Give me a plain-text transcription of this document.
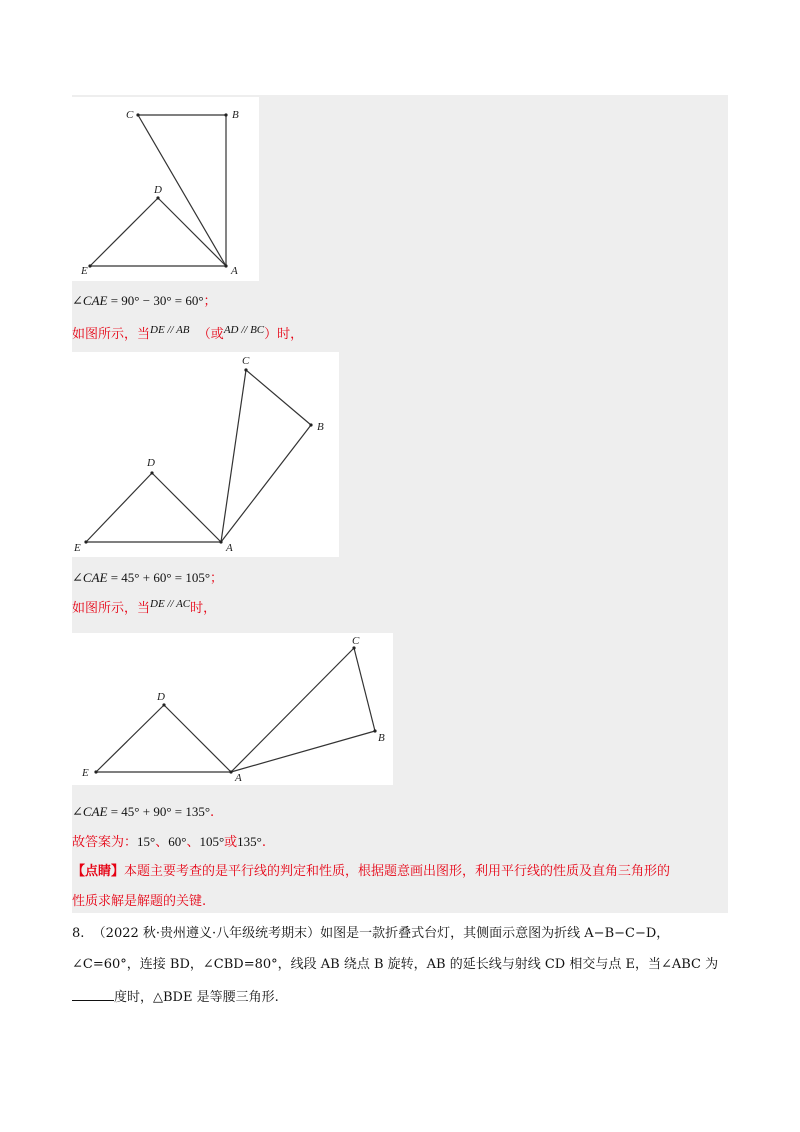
C	B
D
E	A
∠CAE = 90° − 30° = 60°；
如图所示，当$^{DE // AB}$ （或$^{AD // BC}$）时，
C
B
D
E	A
∠CAE = 45° + 60° = 105°；
如图所示，当$^{DE // AC}$时，
C
B
D
E	A
∠CAE = 45° + 90° = 135°.
故答案为：15°、60°、105°或135°.
【点睛】本题主要考查的是平行线的判定和性质，根据题意画出图形，利用平行线的性质及直角三角形的
性质求解是解题的关键.
8. （2022 秋·贵州遵义·八年级统考期末）如图是一款折叠式台灯，其侧面示意图为折线 A−B−C−D，
∠C=60°，连接 BD，∠CBD=80°，线段 AB 绕点 B 旋转，AB 的延长线与射线 CD 相交与点 E，当∠ABC 为
度时，△BDE 是等腰三角形.
